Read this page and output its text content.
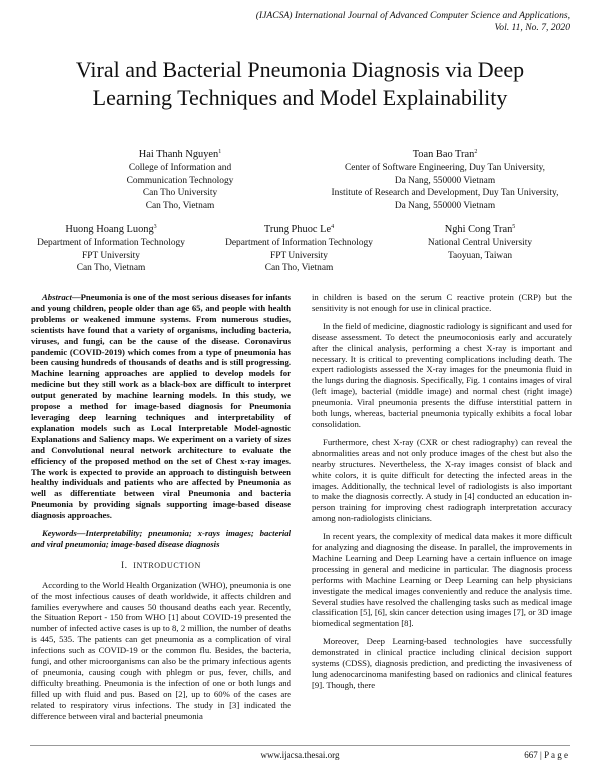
(IJACSA) International Journal of Advanced Computer Science and Applications,
Vol. 11, No. 7, 2020
Viral and Bacterial Pneumonia Diagnosis via Deep
Learning Techniques and Model Explainability
Hai Thanh Nguyen$^1$
College of Information and
Communication Technology
Can Tho University
Can Tho, Vietnam
Toan Bao Tran$^2$
Center of Software Engineering, Duy Tan University,
Da Nang, 550000 Vietnam
Institute of Research and Development, Duy Tan University,
Da Nang, 550000 Vietnam
Huong Hoang Luong$^3$
Department of Information Technology
FPT University
Can Tho, Vietnam
Trung Phuoc Le$^4$
Department of Information Technology
FPT University
Can Tho, Vietnam
Nghi Cong Tran$^5$
National Central University
Taoyuan, Taiwan

Abstract—Pneumonia is one of the most serious diseases for infants and young children, people older than age 65, and people with health problems or weakened immune systems. From numerous studies, scientists have found that a variety of organisms, including bacteria, viruses, and fungi, can be the cause of the disease. Coronavirus pandemic (COVID-2019) which comes from a type of pneumonia has been causing hundreds of thousands of deaths and is still progressing. Machine learning approaches are applied to develop models for medicine but they still work as a black-box are difficult to interpret output generated by machine learning models. In this study, we propose a method for image-based diagnosis for Pneumonia leveraging deep learning techniques and interpretability of explanation models such as Local Interpretable Model-agnostic Explanations and Saliency maps. We experiment on a variety of sizes and Convolutional neural network architecture to evaluate the efficiency of the proposed method on the set of Chest x-ray images. The work is expected to provide an approach to distinguish between healthy individuals and patients who are affected by Pneumonia as well as differentiate between viral Pneumonia and bacteria Pneumonia by providing signals supporting image-based disease diagnosis approaches.

Keywords—Interpretability; pneumonia; x-rays images; bacterial and viral pneumonia; image-based disease diagnosis

I. INTRODUCTION

According to the World Health Organization (WHO), pneumonia is one of the most infectious causes of death worldwide, it affects children and families everywhere and causes 50 thousand deaths each year. Recently, the Situation Report - 150 from WHO [1] about COVID-19 presented the number of infected active cases is up to 8, 2 million, the number of deaths is 445, 535. The patients can get pneumonia as a complication of viral infections such as COVID-19 or the common flu. Besides, the bacteria, fungi, and other microorganisms can also be the primary infectious agents of pneumonia, causing cough with phlegm or pus, fever, chills, and difficulty breathing. Pneumonia is the infection of one or both lungs and filled up with fluid and pus. Based on [2], up to 60% of the cases are related to respiratory virus infections. The study in [3] indicated the difference between viral and bacterial pneumonia

in children is based on the serum C reactive protein (CRP) but the sensitivity is not enough for use in clinical practice.

In the field of medicine, diagnostic radiology is significant and used for disease assessment. To detect the pneumoconiosis early and accurately after the clinical analysis, performing a chest X-ray is important and necessary. It is critical to preventing complications including death. The expert radiologists assessed the X-ray images for the pneumonia fluid in the lungs during the diagnosis. Specifically, Fig. 1 contains images of viral (left image), bacterial (middle image) and normal chest (right image) pneumonia. Viral pneumonia presents the diffuse interstitial pattern in both lungs, whereas, bacterial pneumonia typically exhibits a focal lobar consolidation.

Furthermore, chest X-ray (CXR or chest radiography) can reveal the abnormalities areas and not only produce images of the chest but also the nearby structures. Nevertheless, the X-ray images consist of black and white colors, it is quite difficult for detecting the infected areas in the images. Additionally, the technical level of radiologists is also important to make the diagnosis correctly. A study in [4] conducted an education in-person training for improving chest radiograph interpretation accuracy among non-radiologists clinicians.

In recent years, the complexity of medical data makes it more difficult for analyzing and diagnosing the disease. In parallel, the improvements in Machine Learning and Deep Learning have a certain influence on image processing in general and medicine in particular. The diagnosis process performs with Machine Learning or Deep Learning can help physicians investigate the medical images conveniently and reduce the analysis time. Several studies have resolved the challenging tasks such as medical image classification [5], [6], skin cancer detection using images [7], or 3D image biomedical segmentation [8].

Moreover, Deep Learning-based technologies have successfully demonstrated in clinical practice including clinical decision support systems (CDSS), diagnosis prediction, and predicting the invasiveness of lung adenocarcinoma manifesting based on radionics and clinical features [9]. Though, there

www.ijacsa.thesai.org	667 | P a g e
